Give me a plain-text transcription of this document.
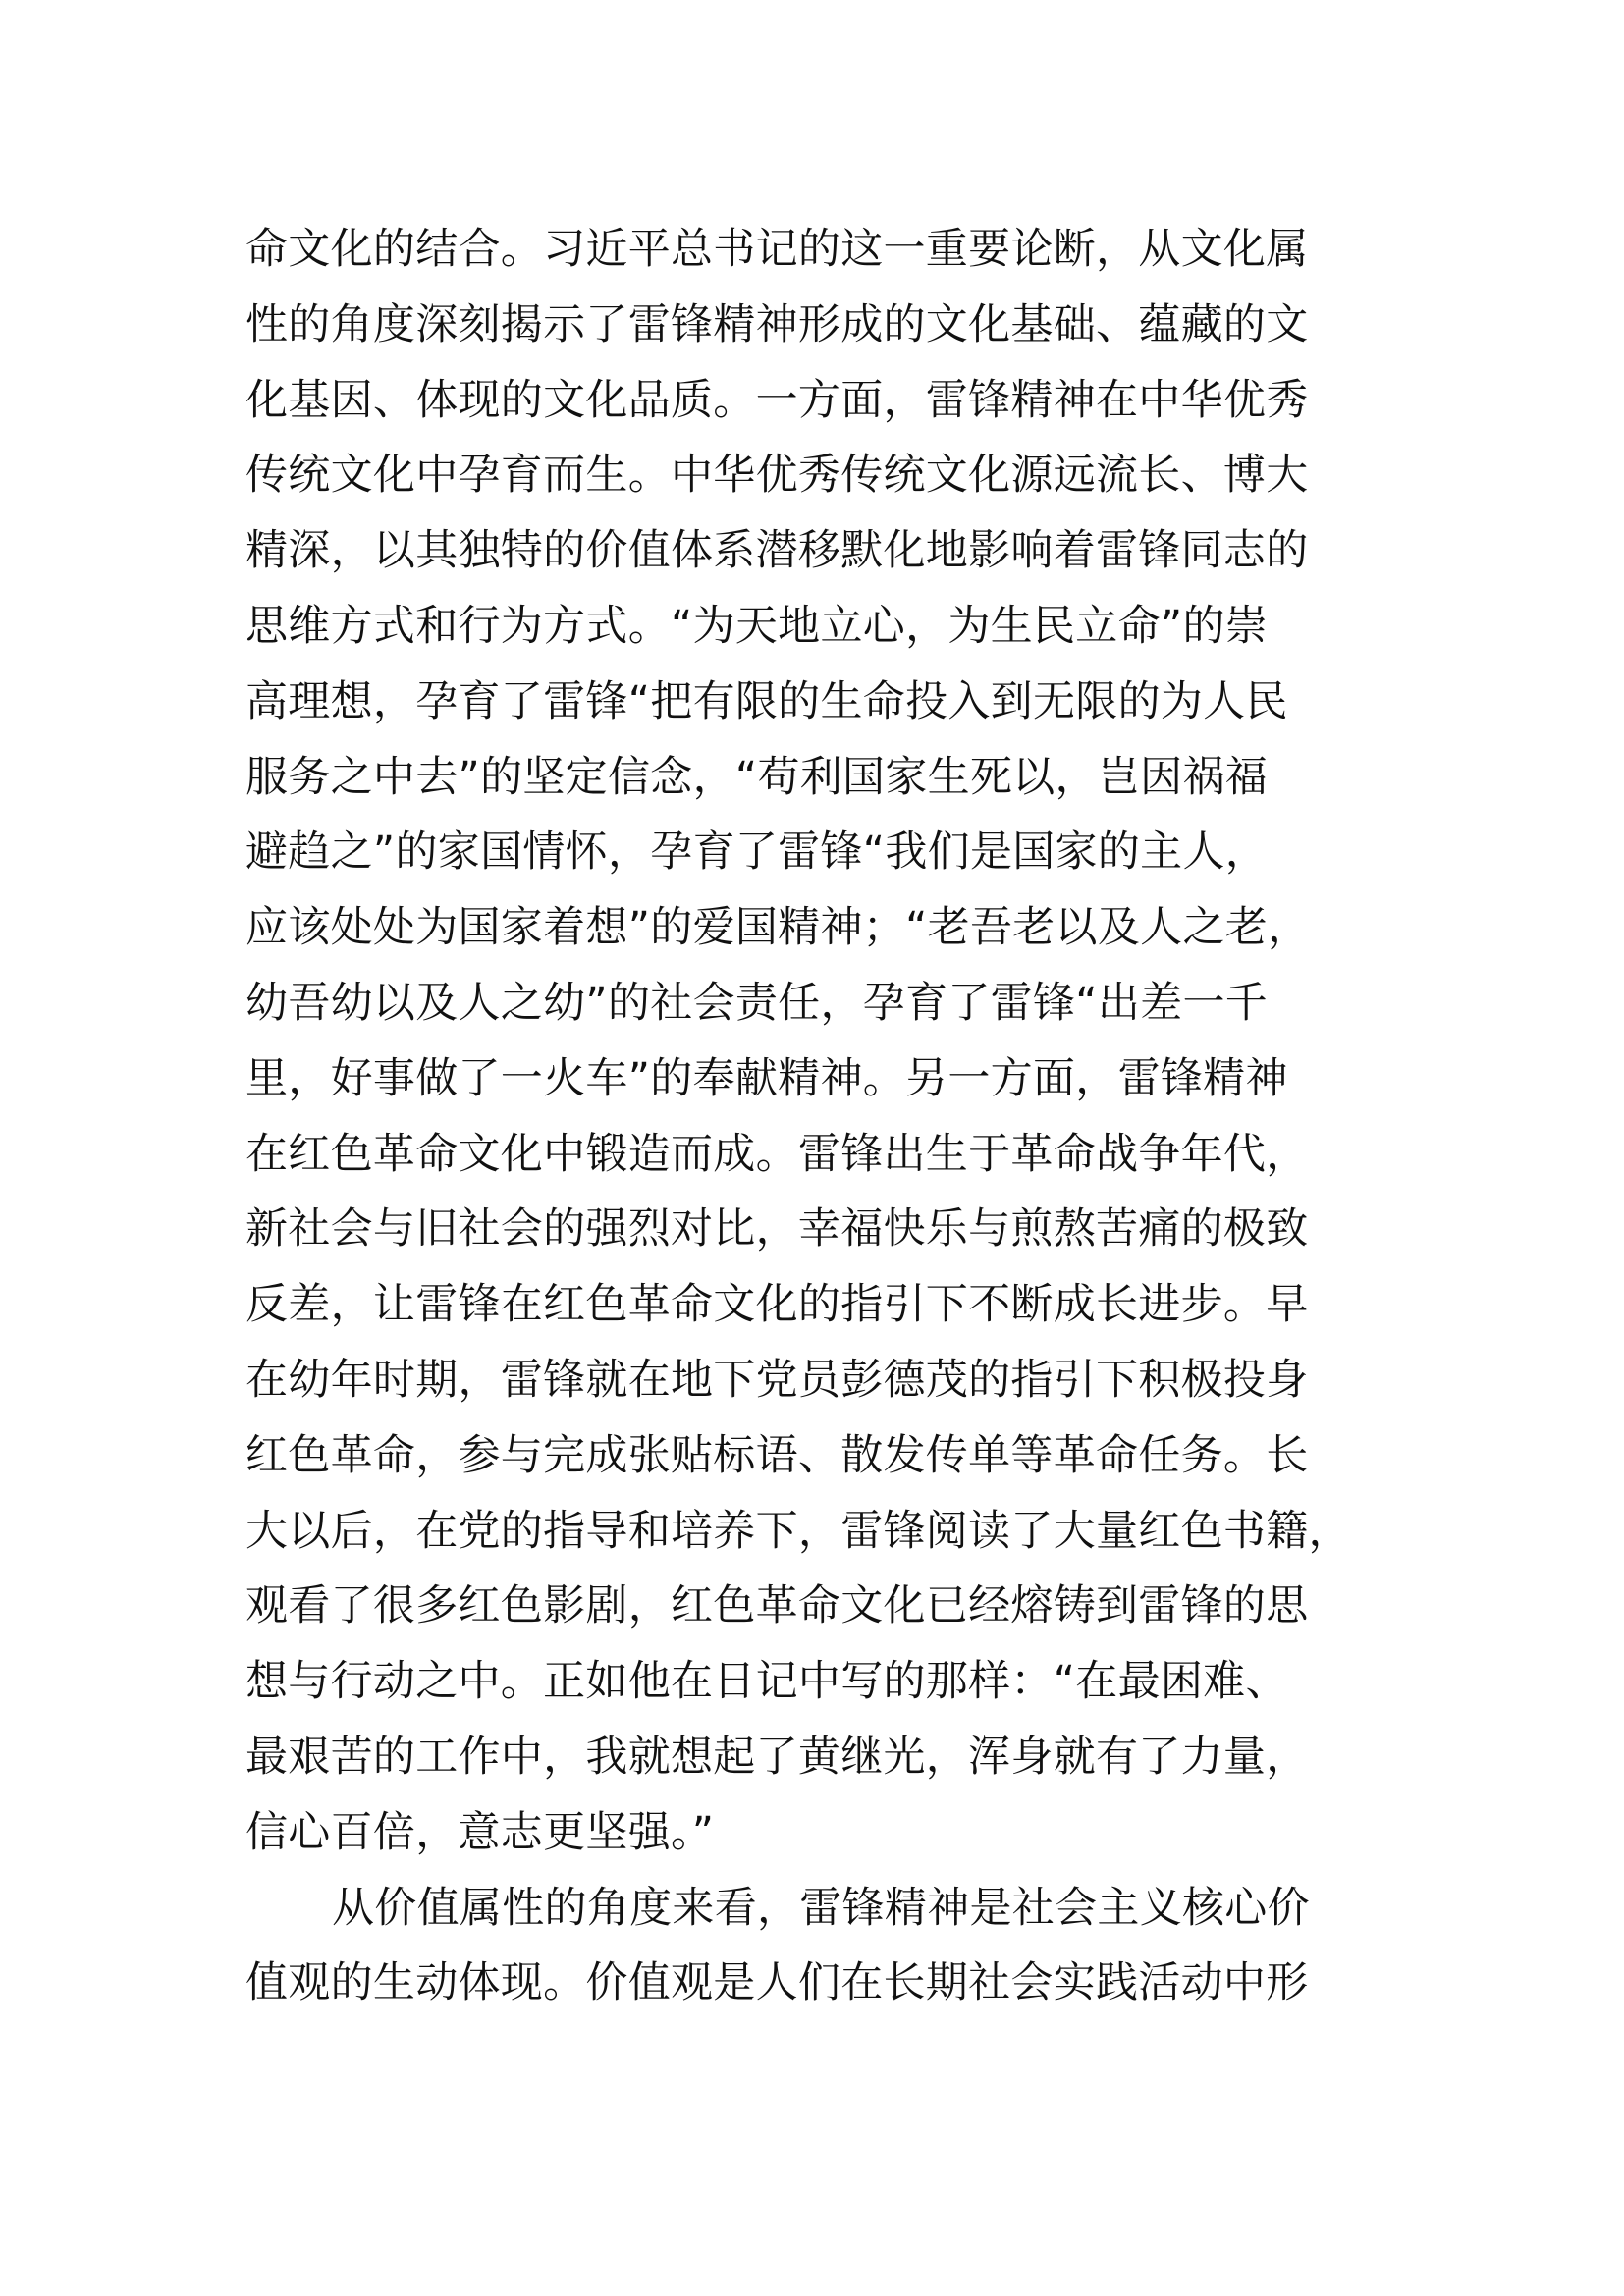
命文化的结合。习近平总书记的这一重要论断，从文化属
性的角度深刻揭示了雷锋精神形成的文化基础、蕴藏的文
化基因、体现的文化品质。一方面，雷锋精神在中华优秀
传统文化中孕育而生。中华优秀传统文化源远流长、博大
精深，以其独特的价值体系潜移默化地影响着雷锋同志的
思维方式和行为方式。“为天地立心，为生民立命”的崇
高理想，孕育了雷锋“把有限的生命投入到无限的为人民
服务之中去”的坚定信念，“苟利国家生死以，岂因祸福
避趋之”的家国情怀，孕育了雷锋“我们是国家的主人，
应该处处为国家着想”的爱国精神；“老吾老以及人之老，
幼吾幼以及人之幼”的社会责任，孕育了雷锋“出差一千
里，好事做了一火车”的奉献精神。另一方面，雷锋精神
在红色革命文化中锻造而成。雷锋出生于革命战争年代，
新社会与旧社会的强烈对比，幸福快乐与煎熬苦痛的极致
反差，让雷锋在红色革命文化的指引下不断成长进步。早
在幼年时期，雷锋就在地下党员彭德茂的指引下积极投身
红色革命，参与完成张贴标语、散发传单等革命任务。长
大以后，在党的指导和培养下，雷锋阅读了大量红色书籍，
观看了很多红色影剧，红色革命文化已经熔铸到雷锋的思
想与行动之中。正如他在日记中写的那样：“在最困难、
最艰苦的工作中，我就想起了黄继光，浑身就有了力量，
信心百倍，意志更坚强。”
从价值属性的角度来看，雷锋精神是社会主义核心价
值观的生动体现。价值观是人们在长期社会实践活动中形
